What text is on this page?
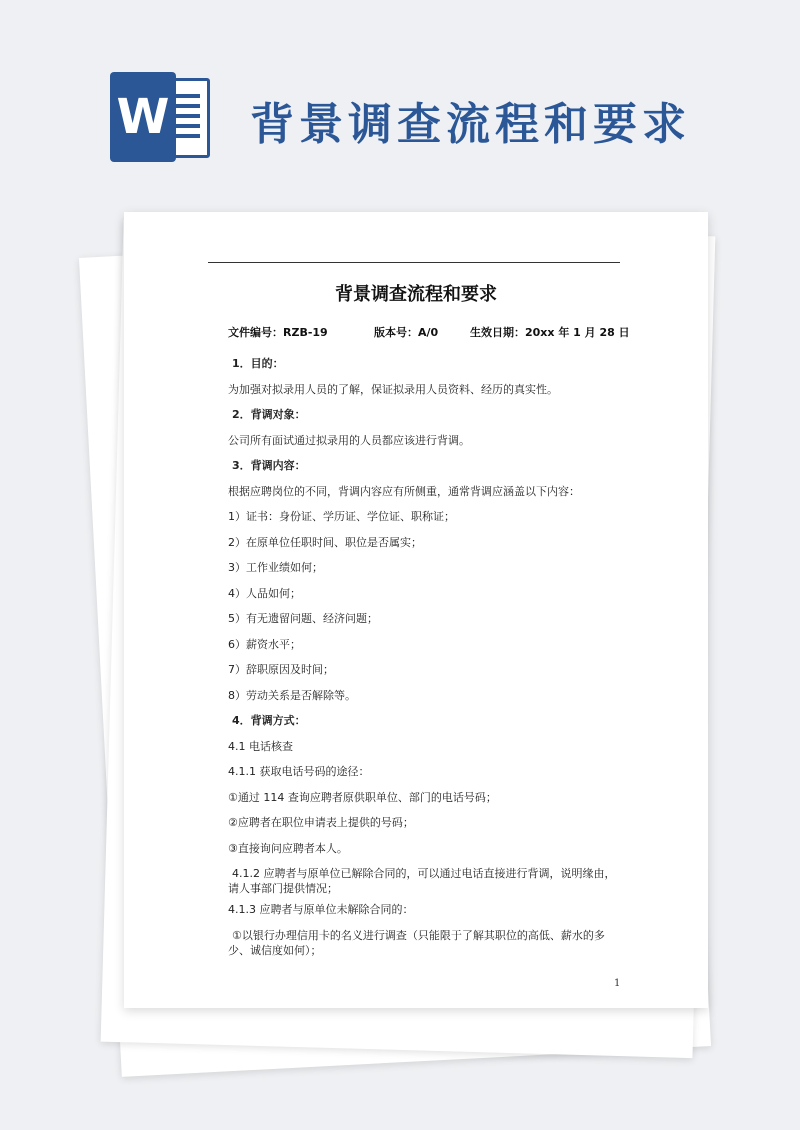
W 背景调查流程和要求
背景调查流程和要求
文件编号：RZB-19	版本号：A/0	生效日期：20xx 年 1 月 28 日

1．目的：

为加强对拟录用人员的了解，保证拟录用人员资料、经历的真实性。

2．背调对象：

公司所有面试通过拟录用的人员都应该进行背调。

3．背调内容：

根据应聘岗位的不同，背调内容应有所侧重，通常背调应涵盖以下内容：

1）证书：身份证、学历证、学位证、职称证；

2）在原单位任职时间、职位是否属实；

3）工作业绩如何；

4）人品如何；

5）有无遗留问题、经济问题；

6）薪资水平；

7）辞职原因及时间；

8）劳动关系是否解除等。

4．背调方式：

4.1 电话核查

4.1.1 获取电话号码的途径：

①通过 114 查询应聘者原供职单位、部门的电话号码；

②应聘者在职位申请表上提供的号码；

③直接询问应聘者本人。

4.1.2 应聘者与原单位已解除合同的，可以通过电话直接进行背调，说明缘由，请人事部门提供情况；

4.1.3 应聘者与原单位未解除合同的：

①以银行办理信用卡的名义进行调查（只能限于了解其职位的高低、薪水的多少、诚信度如何）；

1
